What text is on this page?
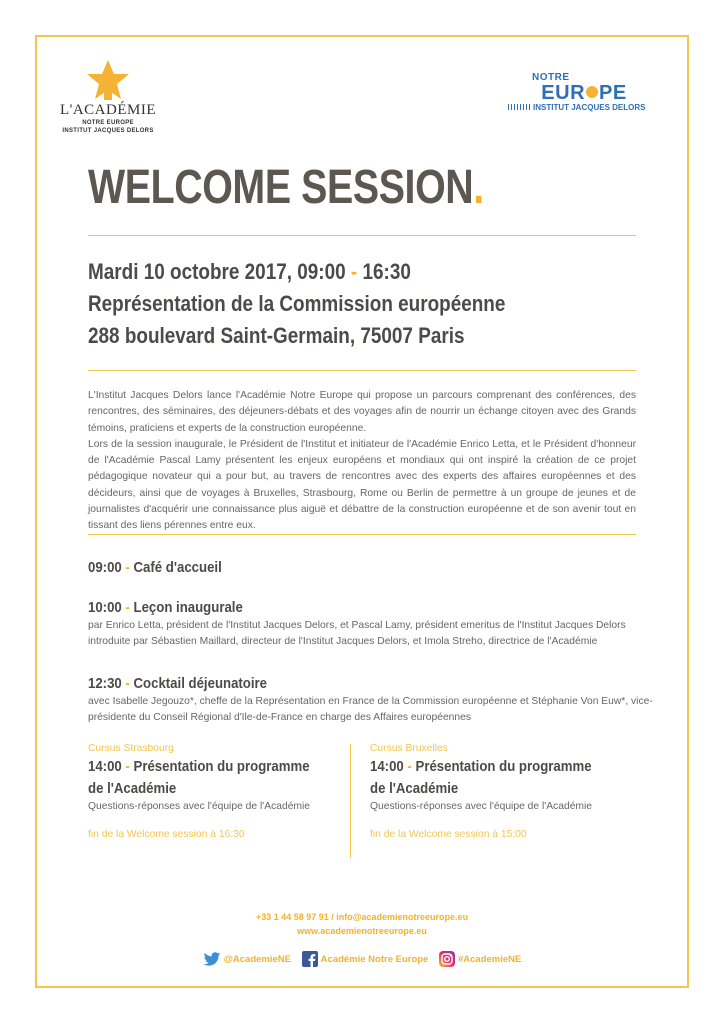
L'ACADÉMIE
NOTRE EUROPE
INSTITUT JACQUES DELORS
NOTRE
EUR PE
INSTITUT JACQUES DELORS
WELCOME SESSION.
Mardi 10 octobre 2017, 09:00 - 16:30
Représentation de la Commission européenne
288 boulevard Saint-Germain, 75007 Paris

L'Institut Jacques Delors lance l'Académie Notre Europe qui propose un parcours comprenant des conférences, des rencontres, des séminaires, des déjeuners-débats et des voyages afin de nourrir un échange citoyen avec des Grands témoins, praticiens et experts de la construction européenne.

Lors de la session inaugurale, le Président de l'Institut et initiateur de l'Académie Enrico Letta, et le Président d'honneur de l'Académie Pascal Lamy présentent les enjeux européens et mondiaux qui ont inspiré la création de ce projet pédagogique novateur qui a pour but, au travers de rencontres avec des experts des affaires européennes et des décideurs, ainsi que de voyages à Bruxelles, Strasbourg, Rome ou Berlin de permettre à un groupe de jeunes et de journalistes d'acquérir une connaissance plus aiguë et débattre de la construction européenne et de son avenir tout en tissant des liens pérennes entre eux.

09:00 - Café d'accueil
10:00 - Leçon inaugurale
par Enrico Letta, président de l'Institut Jacques Delors, et Pascal Lamy, président emeritus de l'Institut Jacques Delors
introduite par Sébastien Maillard, directeur de l'Institut Jacques Delors, et Imola Streho, directrice de l'Académie
12:30 - Cocktail déjeunatoire
avec Isabelle Jegouzo*, cheffe de la Représentation en France de la Commission européenne et Stéphanie Von Euw*, vice-
présidente du Conseil Régional d'Ile-de-France en charge des Affaires européennes
Cursus Strasbourg
14:00 - Présentation du programme
de l'Académie
Questions-réponses avec l'équipe de l'Académie
fin de la Welcome session à 16:30
Cursus Bruxelles
14:00 - Présentation du programme
de l'Académie
Questions-réponses avec l'équipe de l'Académie
fin de la Welcome session à 15:00
+33 1 44 58 97 91 / info@academienotreeurope.eu
www.academienotreeurope.eu
@AcademieNE
	Académie Notre Europe
	#AcademieNE
